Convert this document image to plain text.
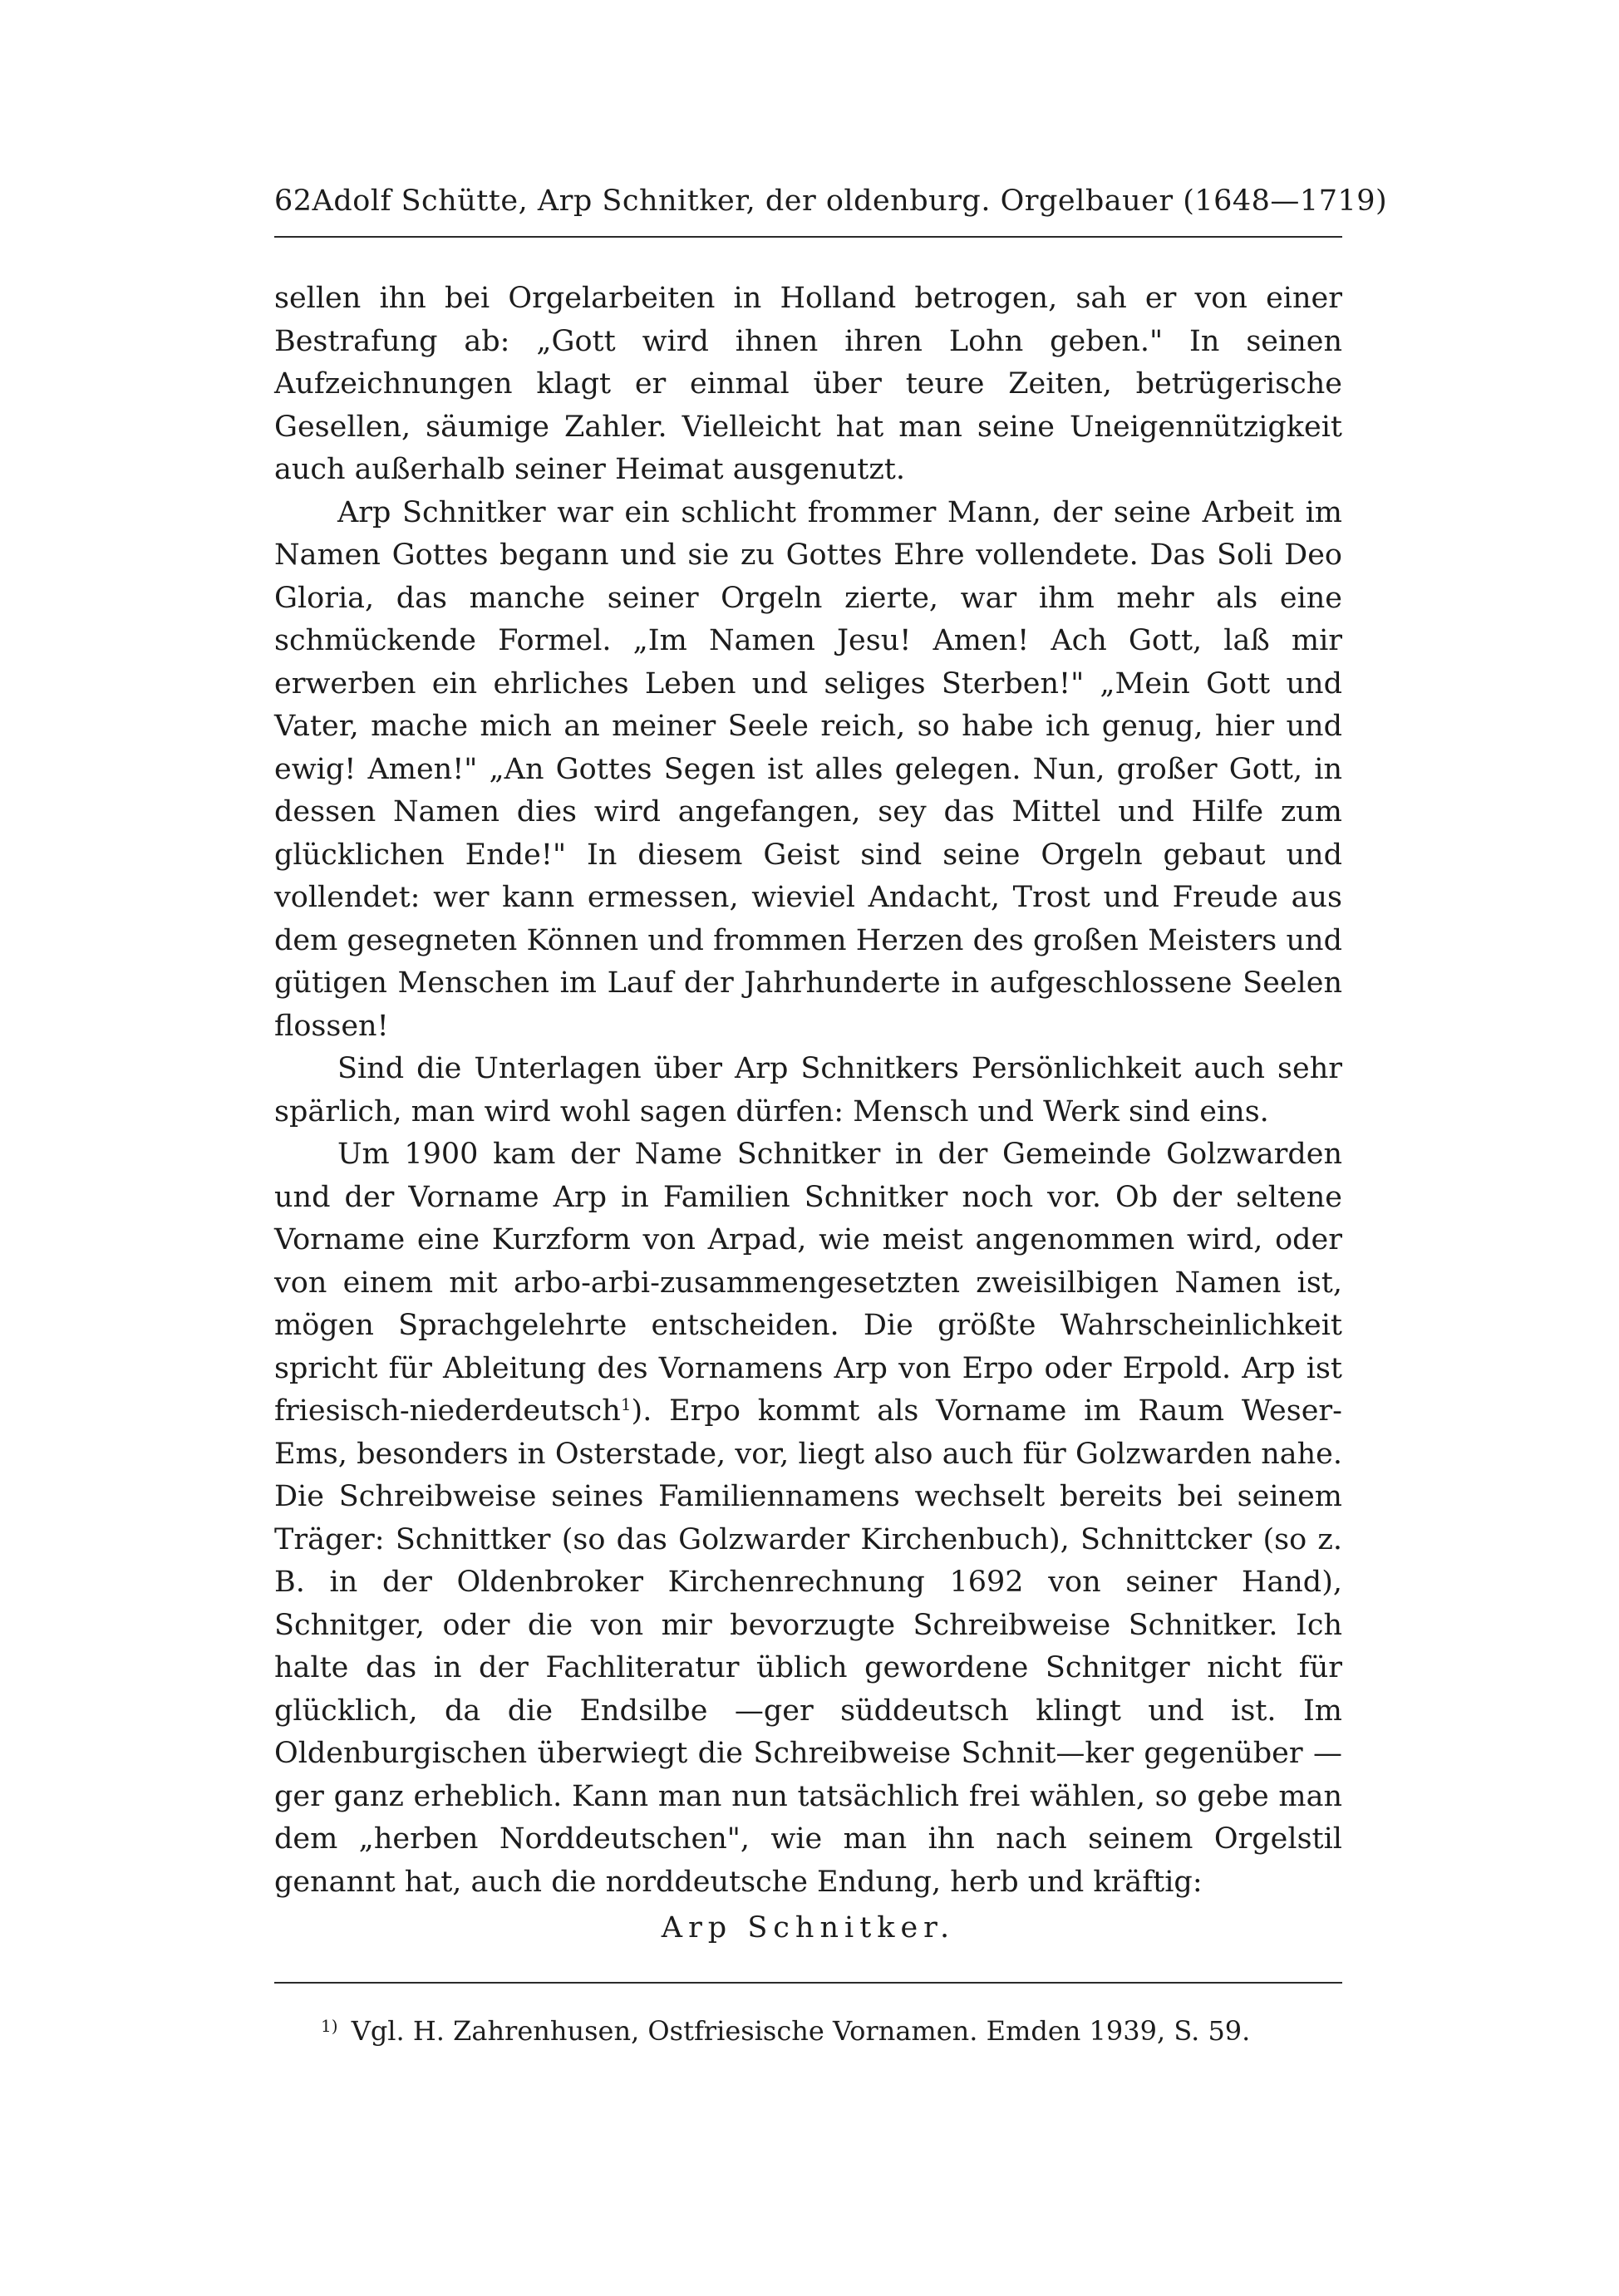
62 Adolf Schütte, Arp Schnitker, der oldenburg. Orgelbauer (1648—1719)

sellen ihn bei Orgelarbeiten in Holland betrogen, sah er von einer Bestrafung ab: „Gott wird ihnen ihren Lohn geben." In seinen Aufzeichnungen klagt er einmal über teure Zeiten, betrügerische Gesellen, säumige Zahler. Vielleicht hat man seine Uneigennützigkeit auch außerhalb seiner Heimat ausgenutzt.

Arp Schnitker war ein schlicht frommer Mann, der seine Arbeit im Namen Gottes begann und sie zu Gottes Ehre vollendete. Das Soli Deo Gloria, das manche seiner Orgeln zierte, war ihm mehr als eine schmückende Formel. „Im Namen Jesu! Amen! Ach Gott, laß mir erwerben ein ehrliches Leben und seliges Sterben!" „Mein Gott und Vater, mache mich an meiner Seele reich, so habe ich genug, hier und ewig! Amen!" „An Gottes Segen ist alles gelegen. Nun, großer Gott, in dessen Namen dies wird angefangen, sey das Mittel und Hilfe zum glücklichen Ende!" In diesem Geist sind seine Orgeln gebaut und vollendet: wer kann ermessen, wieviel Andacht, Trost und Freude aus dem gesegneten Können und frommen Herzen des großen Meisters und gütigen Menschen im Lauf der Jahrhunderte in aufgeschlossene Seelen flossen!

Sind die Unterlagen über Arp Schnitkers Persönlichkeit auch sehr spärlich, man wird wohl sagen dürfen: Mensch und Werk sind eins.

Um 1900 kam der Name Schnitker in der Gemeinde Golzwarden und der Vorname Arp in Familien Schnitker noch vor. Ob der seltene Vorname eine Kurzform von Arpad, wie meist angenommen wird, oder von einem mit arbo-arbi-zusammengesetzten zweisilbigen Namen ist, mögen Sprachgelehrte entscheiden. Die größte Wahrscheinlichkeit spricht für Ableitung des Vornamens Arp von Erpo oder Erpold. Arp ist friesisch-niederdeutsch$^1$). Erpo kommt als Vorname im Raum Weser-Ems, besonders in Osterstade, vor, liegt also auch für Golzwarden nahe. Die Schreibweise seines Familiennamens wechselt bereits bei seinem Träger: Schnittker (so das Golzwarder Kirchenbuch), Schnittcker (so z. B. in der Oldenbroker Kirchenrechnung 1692 von seiner Hand), Schnitger, oder die von mir bevorzugte Schreibweise Schnitker. Ich halte das in der Fachliteratur üblich gewordene Schnitger nicht für glücklich, da die Endsilbe —ger süddeutsch klingt und ist. Im Oldenburgischen überwiegt die Schreibweise Schnit—ker gegenüber —ger ganz erheblich. Kann man nun tatsächlich frei wählen, so gebe man dem „herben Norddeutschen", wie man ihn nach seinem Orgelstil genannt hat, auch die norddeutsche Endung, herb und kräftig:

Arp Schnitker.

$^{1)}$ Vgl. H. Zahrenhusen, Ostfriesische Vornamen. Emden 1939, S. 59.
